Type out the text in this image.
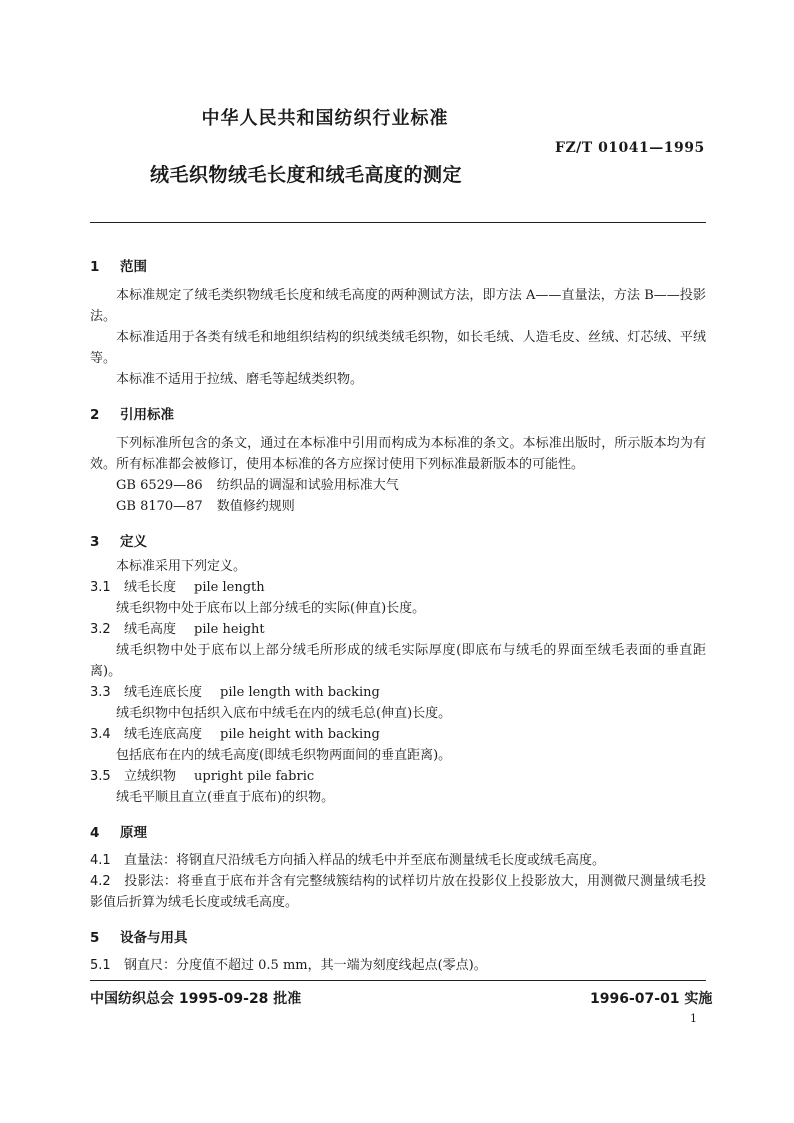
中华人民共和国纺织行业标准
FZ/T 01041—1995
绒毛织物绒毛长度和绒毛高度的测定
1 范围
本标准规定了绒毛类织物绒毛长度和绒毛高度的两种测试方法，即方法 A——直量法，方法 B——投影法。
本标准适用于各类有绒毛和地组织结构的织绒类绒毛织物，如长毛绒、人造毛皮、丝绒、灯芯绒、平绒等。
本标准不适用于拉绒、磨毛等起绒类织物。
2 引用标准
下列标准所包含的条文，通过在本标准中引用而构成为本标准的条文。本标准出版时，所示版本均为有效。所有标准都会被修订，使用本标准的各方应探讨使用下列标准最新版本的可能性。
GB 6529—86 纺织品的调湿和试验用标准大气
GB 8170—87 数值修约规则
3 定义
本标准采用下列定义。
3.1 绒毛长度 pile length
绒毛织物中处于底布以上部分绒毛的实际(伸直)长度。
3.2 绒毛高度 pile height
绒毛织物中处于底布以上部分绒毛所形成的绒毛实际厚度(即底布与绒毛的界面至绒毛表面的垂直距离)。
3.3 绒毛连底长度 pile length with backing
绒毛织物中包括织入底布中绒毛在内的绒毛总(伸直)长度。
3.4 绒毛连底高度 pile height with backing
包括底布在内的绒毛高度(即绒毛织物两面间的垂直距离)。
3.5 立绒织物 upright pile fabric
绒毛平顺且直立(垂直于底布)的织物。
4 原理
4.1 直量法：将钢直尺沿绒毛方向插入样品的绒毛中并至底布测量绒毛长度或绒毛高度。
4.2 投影法：将垂直于底布并含有完整绒簇结构的试样切片放在投影仪上投影放大，用测微尺测量绒毛投影值后折算为绒毛长度或绒毛高度。
5 设备与用具
5.1 钢直尺：分度值不超过 0.5 mm，其一端为刻度线起点(零点)。
中国纺织总会 1995-09-28 批准	1996-07-01 实施
1
